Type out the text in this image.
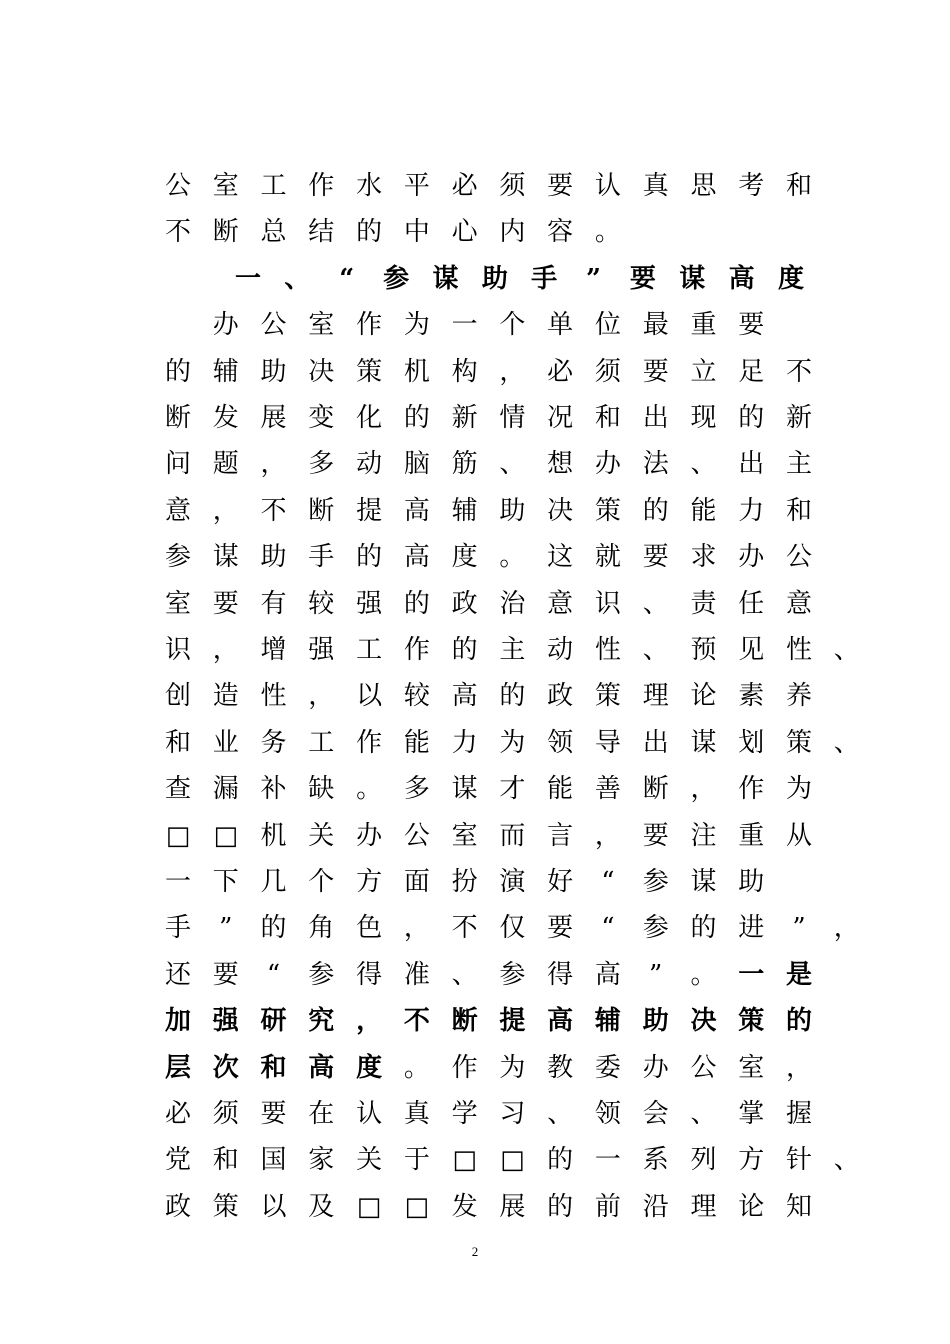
公 室 工 作 水 平 必 须 要 认 真 思 考 和
不 断 总 结 的 中 心 内 容 。
一 、 “ 参 谋 助 手 ” 要 谋 高 度

办 公 室 作 为 一 个 单 位 最 重 要
的 辅 助 决 策 机 构 ， 必 须 要 立 足 不
断 发 展 变 化 的 新 情 况 和 出 现 的 新
问 题 ， 多 动 脑 筋 、 想 办 法 、 出 主
意 ， 不 断 提 高 辅 助 决 策 的 能 力 和
参 谋 助 手 的 高 度 。 这 就 要 求 办 公
室 要 有 较 强 的 政 治 意 识 、 责 任 意
识 ， 增 强 工 作 的 主 动 性 、 预 见 性 、
创 造 性 ， 以 较 高 的 政 策 理 论 素 养
和 业 务 工 作 能 力 为 领 导 出 谋 划 策 、
查 漏 补 缺 。 多 谋 才 能 善 断 ， 作 为
□ □ 机 关 办 公 室 而 言 ， 要 注 重 从
一 下 几 个 方 面 扮 演 好 “ 参 谋 助
手 ” 的 角 色 ， 不 仅 要 “ 参 的 进 ” ，
还 要 “ 参 得 准 、 参 得 高 ” 。 一 是
加 强 研 究 ， 不 断 提 高 辅 助 决 策 的
层 次 和 高 度 。 作 为 教 委 办 公 室 ，
必 须 要 在 认 真 学 习 、 领 会 、 掌 握
党 和 国 家 关 于 □ □ 的 一 系 列 方 针 、
政 策 以 及 □ □ 发 展 的 前 沿 理 论 知
2
